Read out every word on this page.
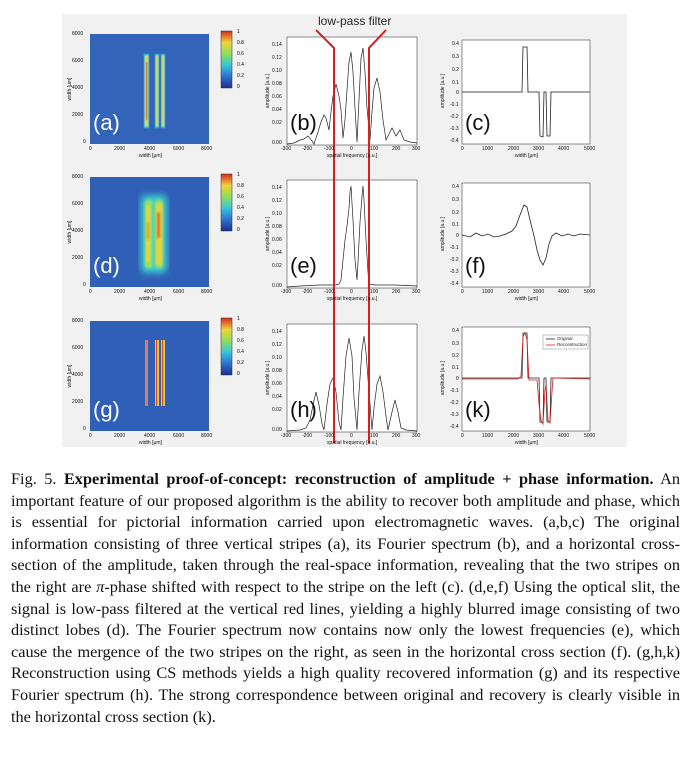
low-pass filter
(a)	(b)	(c)
(d)	(e)	(f)
(g)	(h)	(k)
Original
Reconstruction
8000
6000
4000
2000
0
0	2000	4000	6000	8000
width [μm]
width [μm]
1
0.8
0.6
0.4
0.2
0
0.14
0.12
0.10
0.08
0.06
0.04
0.02
0.00
-300 -200 -100	0	100	200 300
spatial frequency [a.u.]
amplitude [a.u.]
0.4
0.3
0.2
0.1
0
-0.1
-0.2
-0.3
-0.4
0	1000	2000	3000	4000	5000
width [μm]
amplitude [a.u.]
8000
6000
4000
2000
0
0	2000	4000	6000	8000
width [μm]
width [μm]
1
0.8
0.6
0.4
0.2
0
0.14
0.12
0.10
0.08
0.06
0.04
0.02
0.00
-300 -200 -100	0	100	200 300
spatial frequency [a.u.]
amplitude [a.u.]
0.4
0.3
0.2
0.1
0
-0.1
-0.2
-0.3
-0.4
0	1000	2000	3000	4000	5000
width [μm]
amplitude [a.u.]
8000
6000
4000
2000
0
0	2000	4000	6000	8000
width [μm]
width [μm]
1
0.8
0.6
0.4
0.2
0
0.14
0.12
0.10
0.08
0.06
0.04
0.02
0.00
-300 -200 -100	0	100	200 300
spatial frequency [a.u.]
amplitude [a.u.]
0.4
0.3
0.2
0.1
0
-0.1
-0.2
-0.3
-0.4
0	1000	2000	3000	4000	5000
width [μm]
amplitude [a.u.]
Fig. 5. Experimental proof-of-concept: reconstruction of amplitude + phase information. An important feature of our proposed algorithm is the ability to recover both amplitude and phase, which is essential for pictorial information carried upon electromagnetic waves. (a,b,c) The original information consisting of three vertical stripes (a), its Fourier spectrum (b), and a horizontal cross-section of the amplitude, taken through the real-space information, revealing that the two stripes on the right are π-phase shifted with respect to the stripe on the left (c). (d,e,f) Using the optical slit, the signal is low-pass filtered at the vertical red lines, yielding a highly blurred image consisting of two distinct lobes (d). The Fourier spectrum now contains now only the lowest frequencies (e), which cause the mergence of the two stripes on the right, as seen in the horizontal cross section (f). (g,h,k) Reconstruction using CS methods yields a high quality recovered information (g) and its respective Fourier spectrum (h). The strong correspondence between original and recovery is clearly visible in the horizontal cross section (k).
